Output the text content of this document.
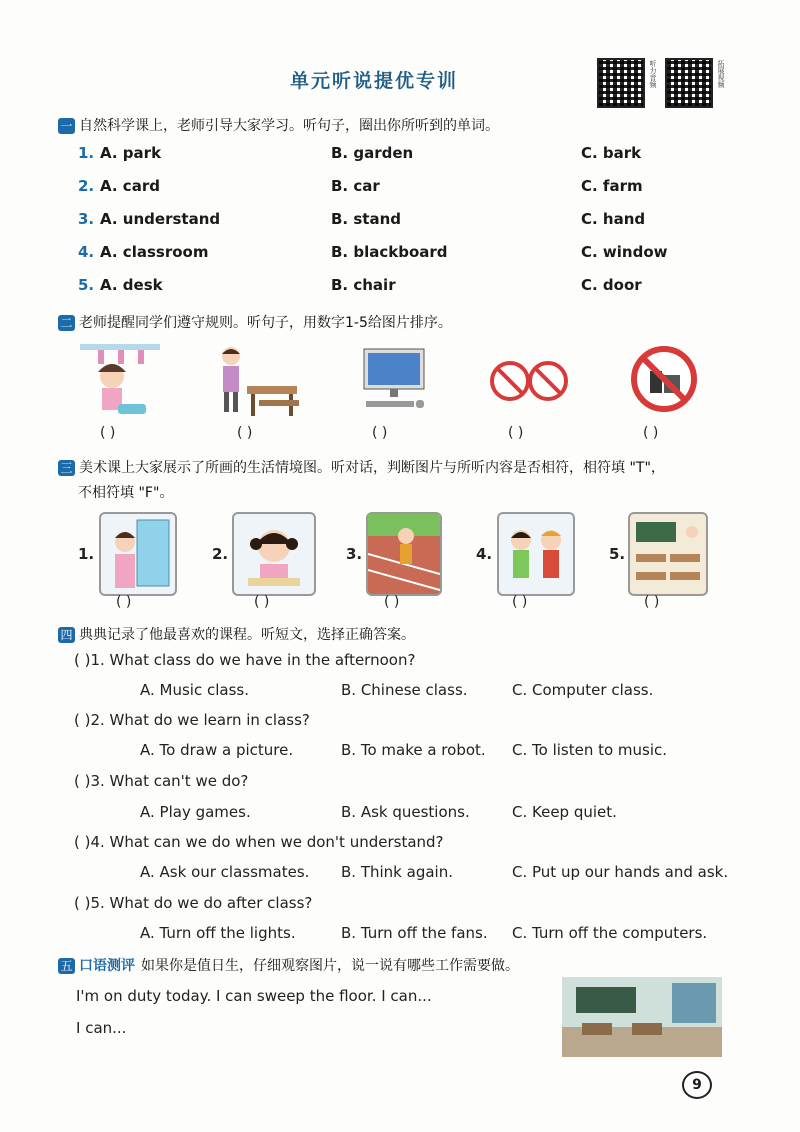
单元听说提优专训	听力音频	拓展视频
一 自然科学课上，老师引导大家学习。听句子，圈出你所听到的单词。
1. A. park	B. garden	C. bark
2. A. card	B. car	C. farm
3. A. understand	B. stand	C. hand
4. A. classroom	B. blackboard	C. window
5. A. desk	B. chair	C. door
二 老师提醒同学们遵守规则。听句子，用数字1-5给图片排序。
( )	( )	( )	( )	( )
三 美术课上大家展示了所画的生活情境图。听对话，判断图片与所听内容是否相符，相符填 "T"，
不相符填 "F"。
1.	2.	3.	4.	5.
( )	( )	( )	( )	( )
四 典典记录了他最喜欢的课程。听短文，选择正确答案。
( )1. What class do we have in the afternoon?
A. Music class.	B. Chinese class.	C. Computer class.
( )2. What do we learn in class?
A. To draw a picture.	B. To make a robot. C. To listen to music.
( )3. What can't we do?
A. Play games.	B. Ask questions.	C. Keep quiet.
( )4. What can we do when we don't understand?
A. Ask our classmates. B. Think again.	C. Put up our hands and ask.
( )5. What do we do after class?
A. Turn off the lights.	B. Turn off the fans. C. Turn off the computers.
五 口语测评 如果你是值日生，仔细观察图片，说一说有哪些工作需要做。
I'm on duty today. I can sweep the floor. I can...
I can...
9
